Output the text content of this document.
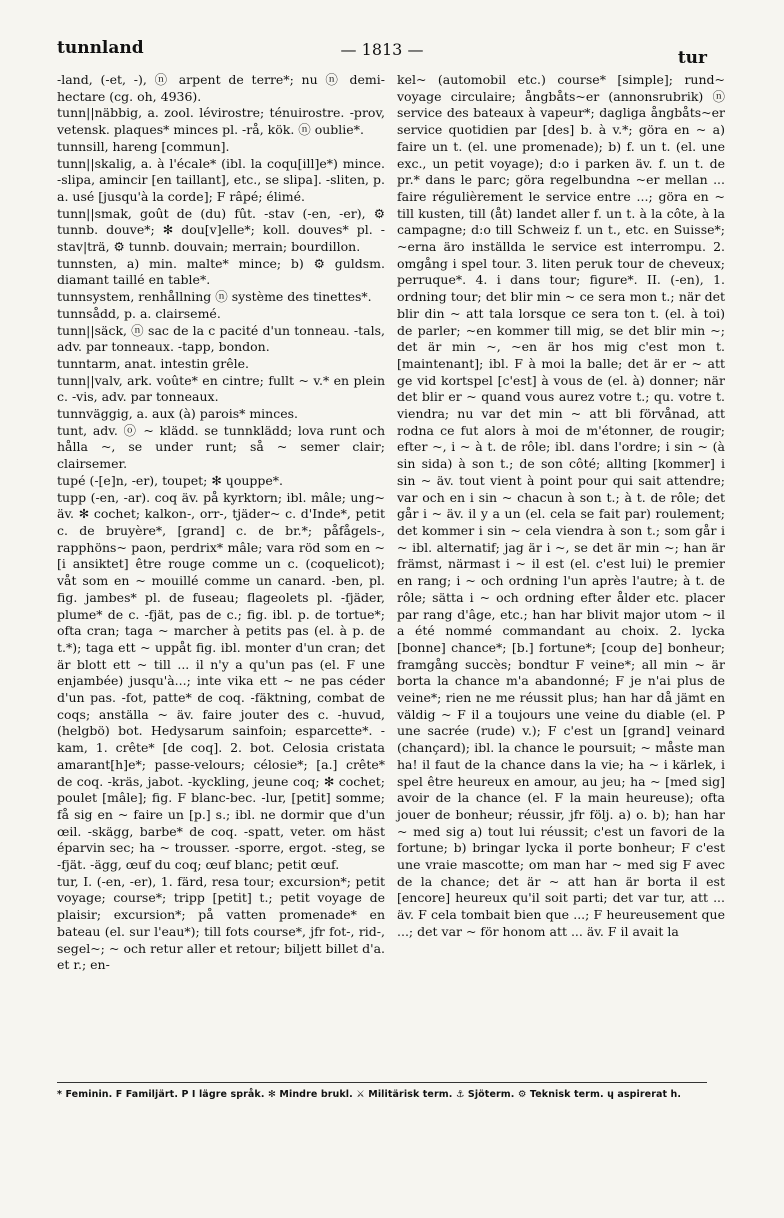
tunnland	— 1813 —	tur

-land, (-et, -), ⓝ arpent de terre*; nu ⓝ demi-hectare (cg. oh, 4936).

tunn||näbbig, a. zool. lévirostre; ténuirostre. -prov, vetensk. plaques* minces pl. -rå, kök. ⓝ oublie*.

tunnsill, hareng [commun].

tunn||skalig, a. à l'écale* (ibl. la coqu[ill]e*) mince. -slipa, amincir [en taillant], etc., se slipa]. -sliten, p. a. usé [jusqu'à la corde]; F râpé; élimé.

tunn||smak, goût de (du) fût. -stav (-en, -er), ⚙ tunnb. douve*; ✻ dou[v]elle*; koll. douves* pl. -stav|trä, ⚙ tunnb. douvain; merrain; bourdillon.

tunnsten, a) min. malte* mince; b) ⚙ guldsm. diamant taillé en table*.

tunnsystem, renhållning ⓝ système des tinettes*.

tunnsådd, p. a. clairsemé.

tunn||säck, ⓝ sac de la c pacité d'un tonneau. -tals, adv. par tonneaux. -tapp, bondon.

tunntarm, anat. intestin grêle.

tunn||valv, ark. voûte* en cintre; fullt ~ v.* en plein c. -vis, adv. par tonneaux.

tunnväggig, a. aux (à) parois* minces.

tunt, adv. ⓞ ~ klädd. se tunnklädd; lova runt och hålla ~, se under runt; så ~ semer clair; clairsemer.

tupé (-[e]n, -er), toupet; ✻ ɥouppe*.

tupp (-en, -ar). coq äv. på kyrktorn; ibl. mâle; ung~ äv. ✻ cochet; kalkon-, orr-, tjäder~ c. d'Inde*, petit c. de bruyère*, [grand] c. de br.*; påfågels-, rapphöns~ paon, perdrix* mâle; vara röd som en ~ [i ansiktet] être rouge comme un c. (coquelicot); våt som en ~ mouillé comme un canard. -ben, pl. fig. jambes* pl. de fuseau; flageolets pl. -fjäder, plume* de c. -fjät, pas de c.; fig. ibl. p. de tortue*; ofta cran; taga ~ marcher à petits pas (el. à p. de t.*); taga ett ~ uppåt fig. ibl. monter d'un cran; det är blott ett ~ till ... il n'y a qu'un pas (el. F une enjambée) jusqu'à...; inte vika ett ~ ne pas céder d'un pas. -fot, patte* de coq. -fäktning, combat de coqs; anställa ~ äv. faire jouter des c. -huvud, (helgbö) bot. Hedysarum sainfoin; esparcette*. -kam, 1. crête* [de coq]. 2. bot. Celosia cristata amarant[h]e*; passe-velours; célosie*; [a.] crête* de coq. -kräs, jabot. -kyckling, jeune coq; ✻ cochet; poulet [mâle]; fig. F blanc-bec. -lur, [petit] somme; få sig en ~ faire un [p.] s.; ibl. ne dormir que d'un œil. -skägg, barbe* de coq. -spatt, veter. om häst éparvin sec; ha ~ trousser. -sporre, ergot. -steg, se -fjät. -ägg, œuf du coq; œuf blanc; petit œuf.

tur, I. (-en, -er), 1. färd, resa tour; excursion*; petit voyage; course*; tripp [petit] t.; petit voyage de plaisir; excursion*; på vatten promenade* en bateau (el. sur l'eau*); till fots course*, jfr fot-, rid-, segel~; ~ och retur aller et retour; biljett billet d'a. et r.; en-

kel~ (automobil etc.) course* [simple]; rund~ voyage circulaire; ångbåts~er (annonsrubrik) ⓝ service des bateaux à vapeur*; dagliga ångbåts~er service quotidien par [des] b. à v.*; göra en ~ a) faire un t. (el. une promenade); b) f. un t. (el. une exc., un petit voyage); d:o i parken äv. f. un t. de pr.* dans le parc; göra regelbundna ~er mellan ... faire régulièrement le service entre ...; göra en ~ till kusten, till (åt) landet aller f. un t. à la côte, à la campagne; d:o till Schweiz f. un t., etc. en Suisse*; ~erna äro inställda le service est interrompu. 2. omgång i spel tour. 3. liten peruk tour de cheveux; perruque*. 4. i dans tour; figure*. II. (-en), 1. ordning tour; det blir min ~ ce sera mon t.; när det blir din ~ att tala lorsque ce sera ton t. (el. à toi) de parler; ~en kommer till mig, se det blir min ~; det är min ~, ~en är hos mig c'est mon t. [maintenant]; ibl. F à moi la balle; det är er ~ att ge vid kortspel [c'est] à vous de (el. à) donner; när det blir er ~ quand vous aurez votre t.; qu. votre t. viendra; nu var det min ~ att bli förvånad, att rodna ce fut alors à moi de m'étonner, de rougir; efter ~, i ~ à t. de rôle; ibl. dans l'ordre; i sin ~ (à sin sida) à son t.; de son côté; allting [kommer] i sin ~ äv. tout vient à point pour qui sait attendre; var och en i sin ~ chacun à son t.; à t. de rôle; det går i ~ äv. il y a un (el. cela se fait par) roulement; det kommer i sin ~ cela viendra à son t.; som går i ~ ibl. alternatif; jag är i ~, se det är min ~; han är främst, närmast i ~ il est (el. c'est lui) le premier en rang; i ~ och ordning l'un après l'autre; à t. de rôle; sätta i ~ och ordning efter ålder etc. placer par rang d'âge, etc.; han har blivit major utom ~ il a été nommé commandant au choix. 2. lycka [bonne] chance*; [b.] fortune*; [coup de] bonheur; framgång succès; bondtur F veine*; all min ~ är borta la chance m'a abandonné; F je n'ai plus de veine*; rien ne me réussit plus; han har då jämt en väldig ~ F il a toujours une veine du diable (el. P une sacrée (rude) v.); F c'est un [grand] veinard (chançard); ibl. la chance le poursuit; ~ måste man ha! il faut de la chance dans la vie; ha ~ i kärlek, i spel être heureux en amour, au jeu; ha ~ [med sig] avoir de la chance (el. F la main heureuse); ofta jouer de bonheur; réussir, jfr följ. a) o. b); han har ~ med sig a) tout lui réussit; c'est un favori de la fortune; b) bringar lycka il porte bonheur; F c'est une vraie mascotte; om man har ~ med sig F avec de la chance; det är ~ att han är borta il est [encore] heureux qu'il soit parti; det var tur, att ... äv. F cela tombait bien que ...; F heureusement que ...; det var ~ för honom att ... äv. F il avait la

* Feminin. F Familjärt. P I lägre språk. ✻ Mindre brukl. ⚔ Militärisk term. ⚓ Sjöterm. ⚙ Teknisk term. ɥ aspirerat h.
